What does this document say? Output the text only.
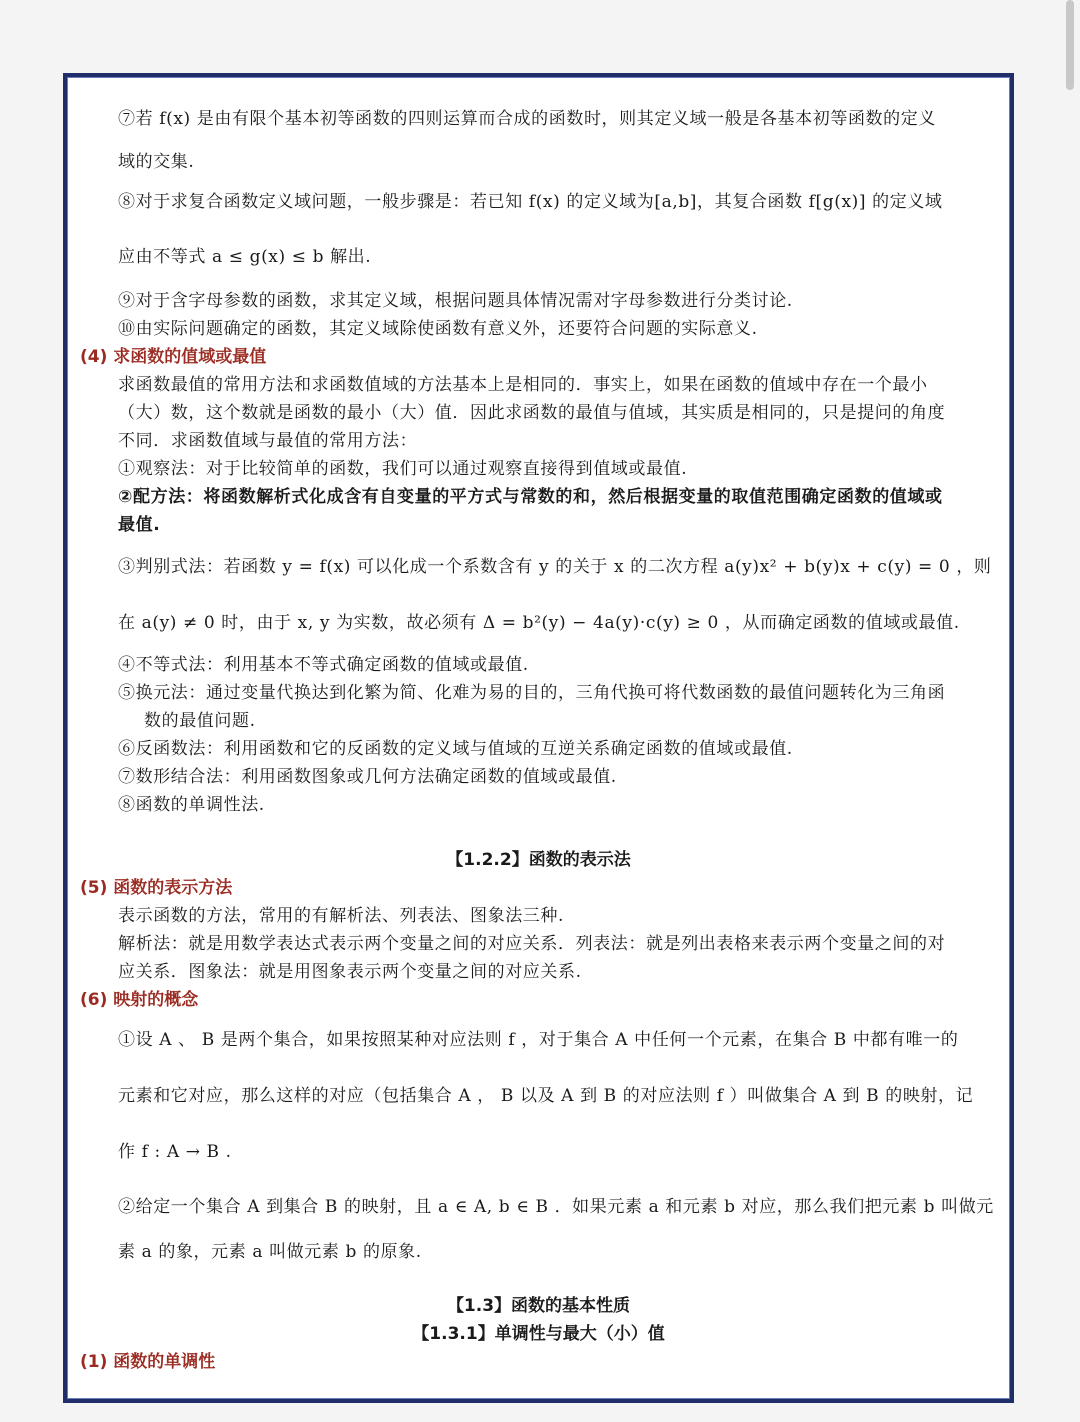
⑦若 f(x) 是由有限个基本初等函数的四则运算而合成的函数时，则其定义域一般是各基本初等函数的定义
域的交集.
⑧对于求复合函数定义域问题，一般步骤是：若已知 f(x) 的定义域为[a,b]，其复合函数 f[g(x)] 的定义域
应由不等式 a ≤ g(x) ≤ b 解出.
⑨对于含字母参数的函数，求其定义域，根据问题具体情况需对字母参数进行分类讨论.
⑩由实际问题确定的函数，其定义域除使函数有意义外，还要符合问题的实际意义.
(4) 求函数的值域或最值
求函数最值的常用方法和求函数值域的方法基本上是相同的．事实上，如果在函数的值域中存在一个最小
（大）数，这个数就是函数的最小（大）值．因此求函数的最值与值域，其实质是相同的，只是提问的角度
不同．求函数值域与最值的常用方法：
①观察法：对于比较简单的函数，我们可以通过观察直接得到值域或最值.
②配方法：将函数解析式化成含有自变量的平方式与常数的和，然后根据变量的取值范围确定函数的值域或
最值.
③判别式法：若函数 y = f(x) 可以化成一个系数含有 y 的关于 x 的二次方程 a(y)x² + b(y)x + c(y) = 0 ，则
在 a(y) ≠ 0 时，由于 x, y 为实数，故必须有 Δ = b²(y) − 4a(y)·c(y) ≥ 0 ，从而确定函数的值域或最值.
④不等式法：利用基本不等式确定函数的值域或最值.
⑤换元法：通过变量代换达到化繁为简、化难为易的目的，三角代换可将代数函数的最值问题转化为三角函
数的最值问题.
⑥反函数法：利用函数和它的反函数的定义域与值域的互逆关系确定函数的值域或最值.
⑦数形结合法：利用函数图象或几何方法确定函数的值域或最值.
⑧函数的单调性法.
【1.2.2】函数的表示法
(5) 函数的表示方法
表示函数的方法，常用的有解析法、列表法、图象法三种.
解析法：就是用数学表达式表示两个变量之间的对应关系．列表法：就是列出表格来表示两个变量之间的对
应关系．图象法：就是用图象表示两个变量之间的对应关系.
(6) 映射的概念
①设 A 、 B 是两个集合，如果按照某种对应法则 f ，对于集合 A 中任何一个元素，在集合 B 中都有唯一的
元素和它对应，那么这样的对应（包括集合 A ， B 以及 A 到 B 的对应法则 f ）叫做集合 A 到 B 的映射，记
作 f : A → B .
②给定一个集合 A 到集合 B 的映射，且 a ∈ A, b ∈ B ．如果元素 a 和元素 b 对应，那么我们把元素 b 叫做元
素 a 的象，元素 a 叫做元素 b 的原象.
【1.3】函数的基本性质
【1.3.1】单调性与最大（小）值
(1) 函数的单调性
